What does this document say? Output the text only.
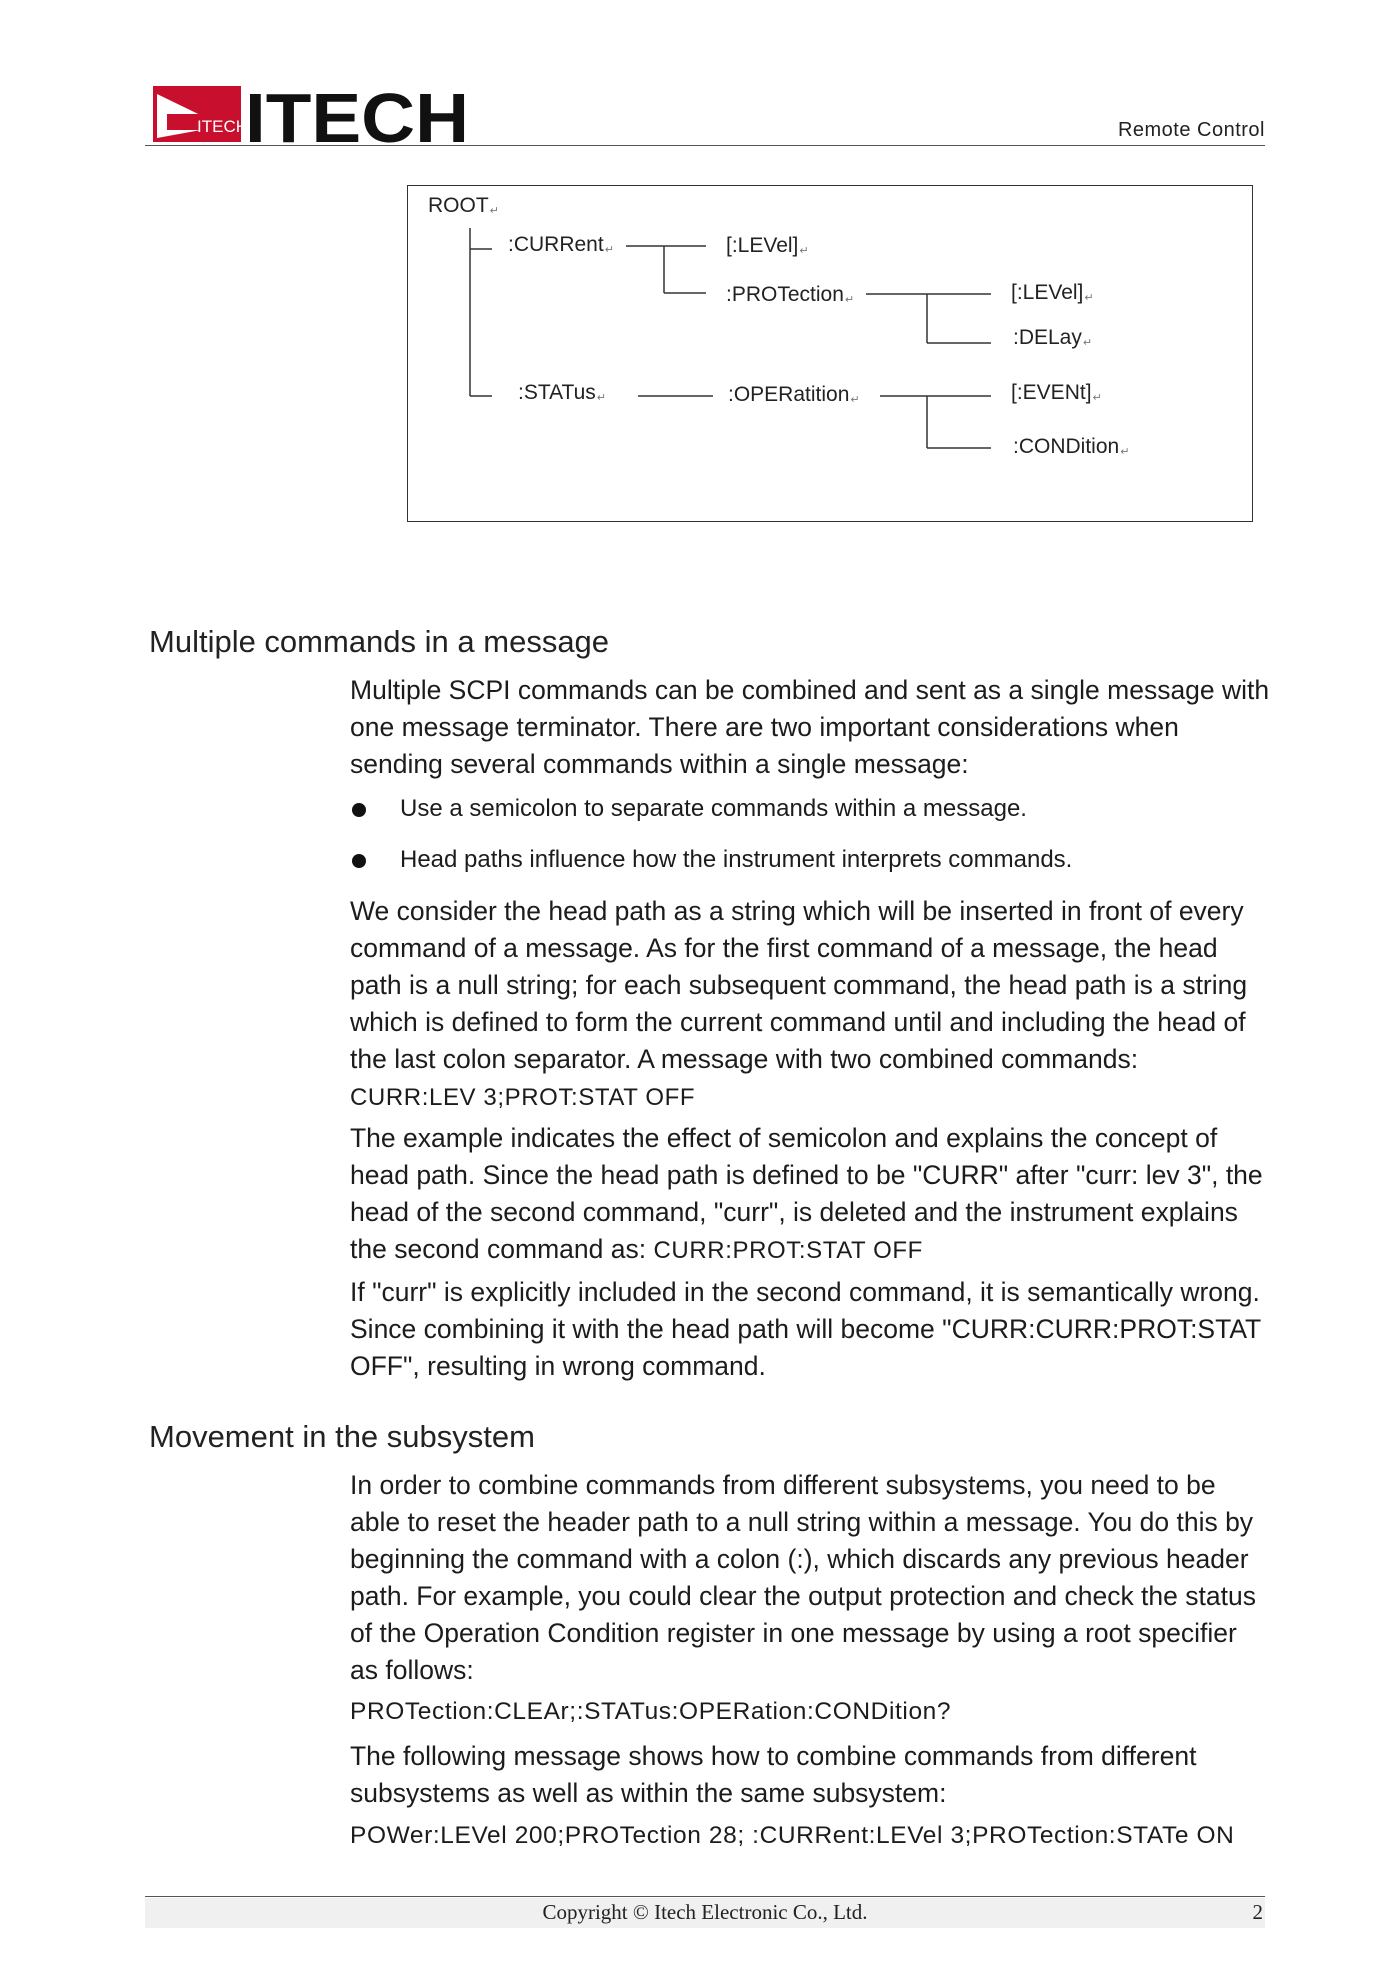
ITECH
ITECH	Remote Control
ROOT↵
:CURRent↵	[:LEVel]↵
:PROTection↵	[:LEVel]↵
:DELay↵
:STATus↵	:OPERatition↵	[:EVENt]↵
:CONDition↵
Multiple commands in a message

Multiple SCPI commands can be combined and sent as a single message with one message terminator. There are two important considerations when sending several commands within a single message:

Use a semicolon to separate commands within a message.
Head paths influence how the instrument interprets commands.

We consider the head path as a string which will be inserted in front of every command of a message. As for the first command of a message, the head path is a null string; for each subsequent command, the head path is a string which is defined to form the current command until and including the head of the last colon separator. A message with two combined commands: CURR:LEV 3;PROT:STAT OFF

The example indicates the effect of semicolon and explains the concept of head path. Since the head path is defined to be "CURR" after "curr: lev 3", the head of the second command, "curr", is deleted and the instrument explains the second command as: CURR:PROT:STAT OFF

If "curr" is explicitly included in the second command, it is semantically wrong. Since combining it with the head path will become "CURR:CURR:PROT:STAT OFF", resulting in wrong command.

Movement in the subsystem

In order to combine commands from different subsystems, you need to be able to reset the header path to a null string within a message. You do this by beginning the command with a colon (:), which discards any previous header path. For example, you could clear the output protection and check the status of the Operation Condition register in one message by using a root specifier as follows:

PROTection:CLEAr;:STATus:OPERation:CONDition?

The following message shows how to combine commands from different subsystems as well as within the same subsystem:

POWer:LEVel 200;PROTection 28; :CURRent:LEVel 3;PROTection:STATe ON
Copyright © Itech Electronic Co., Ltd.	2
